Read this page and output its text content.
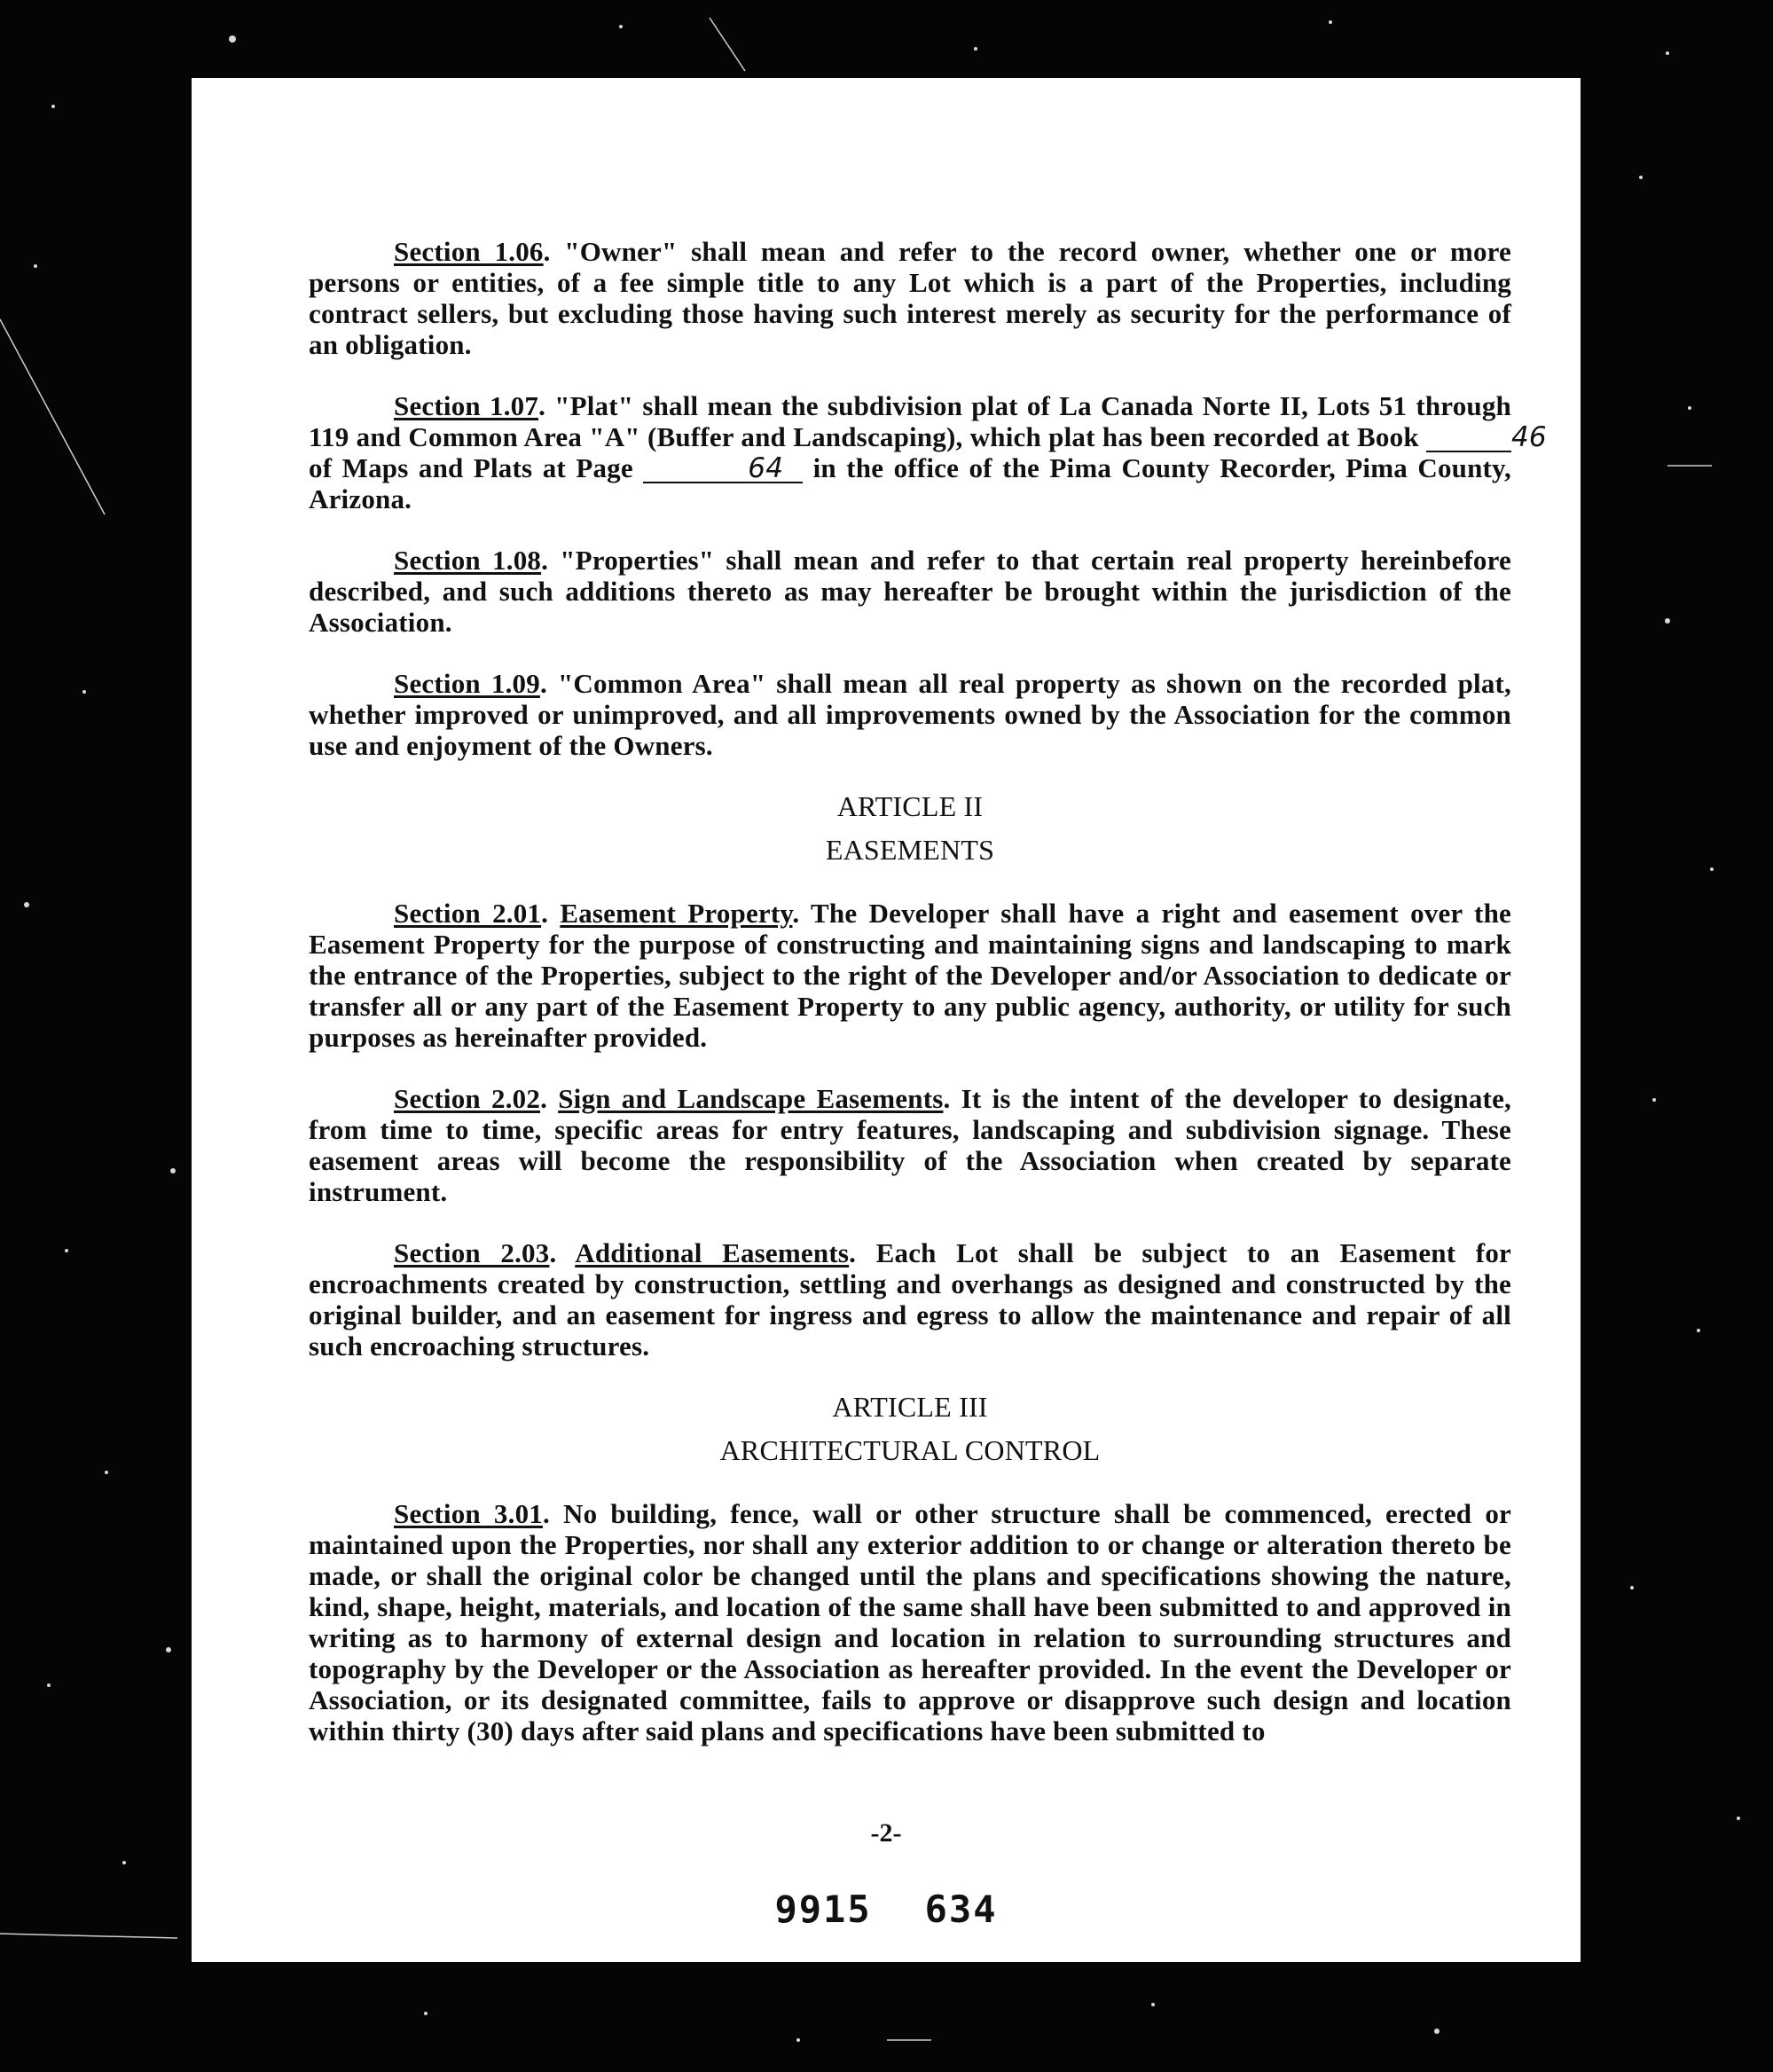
Section 1.06. "Owner" shall mean and refer to the record owner, whether one or more persons or entities, of a fee simple title to any Lot which is a part of the Properties, including contract sellers, but excluding those having such interest merely as security for the performance of an obligation.

Section 1.07. "Plat" shall mean the subdivision plat of La Canada Norte II, Lots 51 through 119 and Common Area "A" (Buffer and Landscaping), which plat has been recorded at Book	46 of Maps and Plats at Page	64 in the office of the Pima County Recorder, Pima County, Arizona.

Section 1.08. "Properties" shall mean and refer to that certain real property hereinbefore described, and such additions thereto as may hereafter be brought within the jurisdiction of the Association.

Section 1.09. "Common Area" shall mean all real property as shown on the recorded plat, whether improved or unimproved, and all improvements owned by the Association for the common use and enjoyment of the Owners.

ARTICLE II

EASEMENTS

Section 2.01. Easement Property. The Developer shall have a right and easement over the Easement Property for the purpose of constructing and maintaining signs and landscaping to mark the entrance of the Properties, subject to the right of the Developer and/or Association to dedicate or transfer all or any part of the Easement Property to any public agency, authority, or utility for such purposes as hereinafter provided.

Section 2.02. Sign and Landscape Easements. It is the intent of the developer to designate, from time to time, specific areas for entry features, landscaping and subdivision signage. These easement areas will become the responsibility of the Association when created by separate instrument.

Section 2.03. Additional Easements. Each Lot shall be subject to an Easement for encroachments created by construction, settling and overhangs as designed and constructed by the original builder, and an easement for ingress and egress to allow the maintenance and repair of all such encroaching structures.

ARTICLE III

ARCHITECTURAL CONTROL

Section 3.01. No building, fence, wall or other structure shall be commenced, erected or maintained upon the Properties, nor shall any exterior addition to or change or alteration thereto be made, or shall the original color be changed until the plans and specifications showing the nature, kind, shape, height, materials, and location of the same shall have been submitted to and approved in writing as to harmony of external design and location in relation to surrounding structures and topography by the Developer or the Association as hereafter provided. In the event the Developer or Association, or its designated committee, fails to approve or disapprove such design and location within thirty (30) days after said plans and specifications have been submitted to

-2-
9915 634
